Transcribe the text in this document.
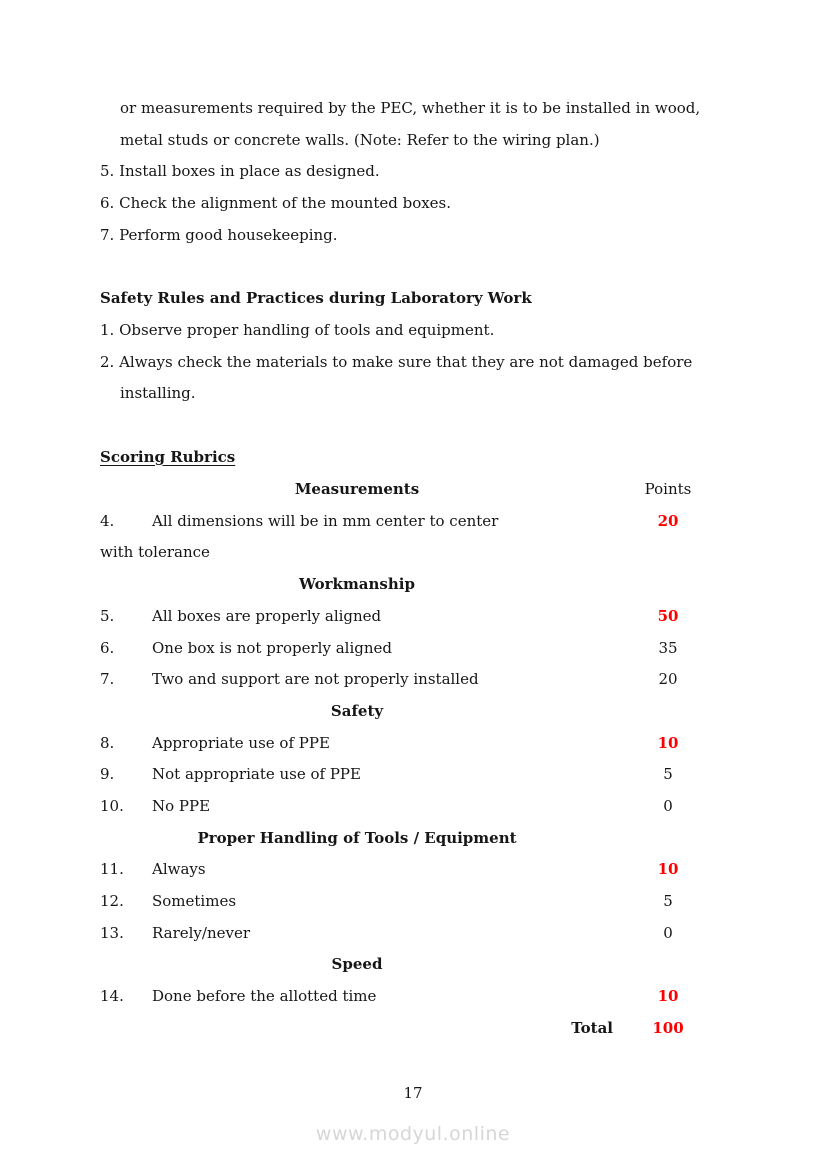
or measurements required by the PEC, whether it is to be installed in wood,
metal studs or concrete walls. (Note: Refer to the wiring plan.)
5. Install boxes in place as designed.
6. Check the alignment of the mounted boxes.
7. Perform good housekeeping.
Safety Rules and Practices during Laboratory Work
1. Observe proper handling of tools and equipment.
2. Always check the materials to make sure that they are not damaged before
installing.
Scoring Rubrics
Measurements	Points
4.	All dimensions will be in mm center to center	20
with tolerance
Workmanship
5.	All boxes are properly aligned	50
6.	One box is not properly aligned	35
7.	Two and support are not properly installed	20
Safety
8.	Appropriate use of PPE	10
9.	Not appropriate use of PPE	5
10.	No PPE	0
Proper Handling of Tools / Equipment
11.	Always	10
12.	Sometimes	5
13.	Rarely/never	0
Speed
14.	Done before the allotted time	10
Total	100
17
www.modyul.online
